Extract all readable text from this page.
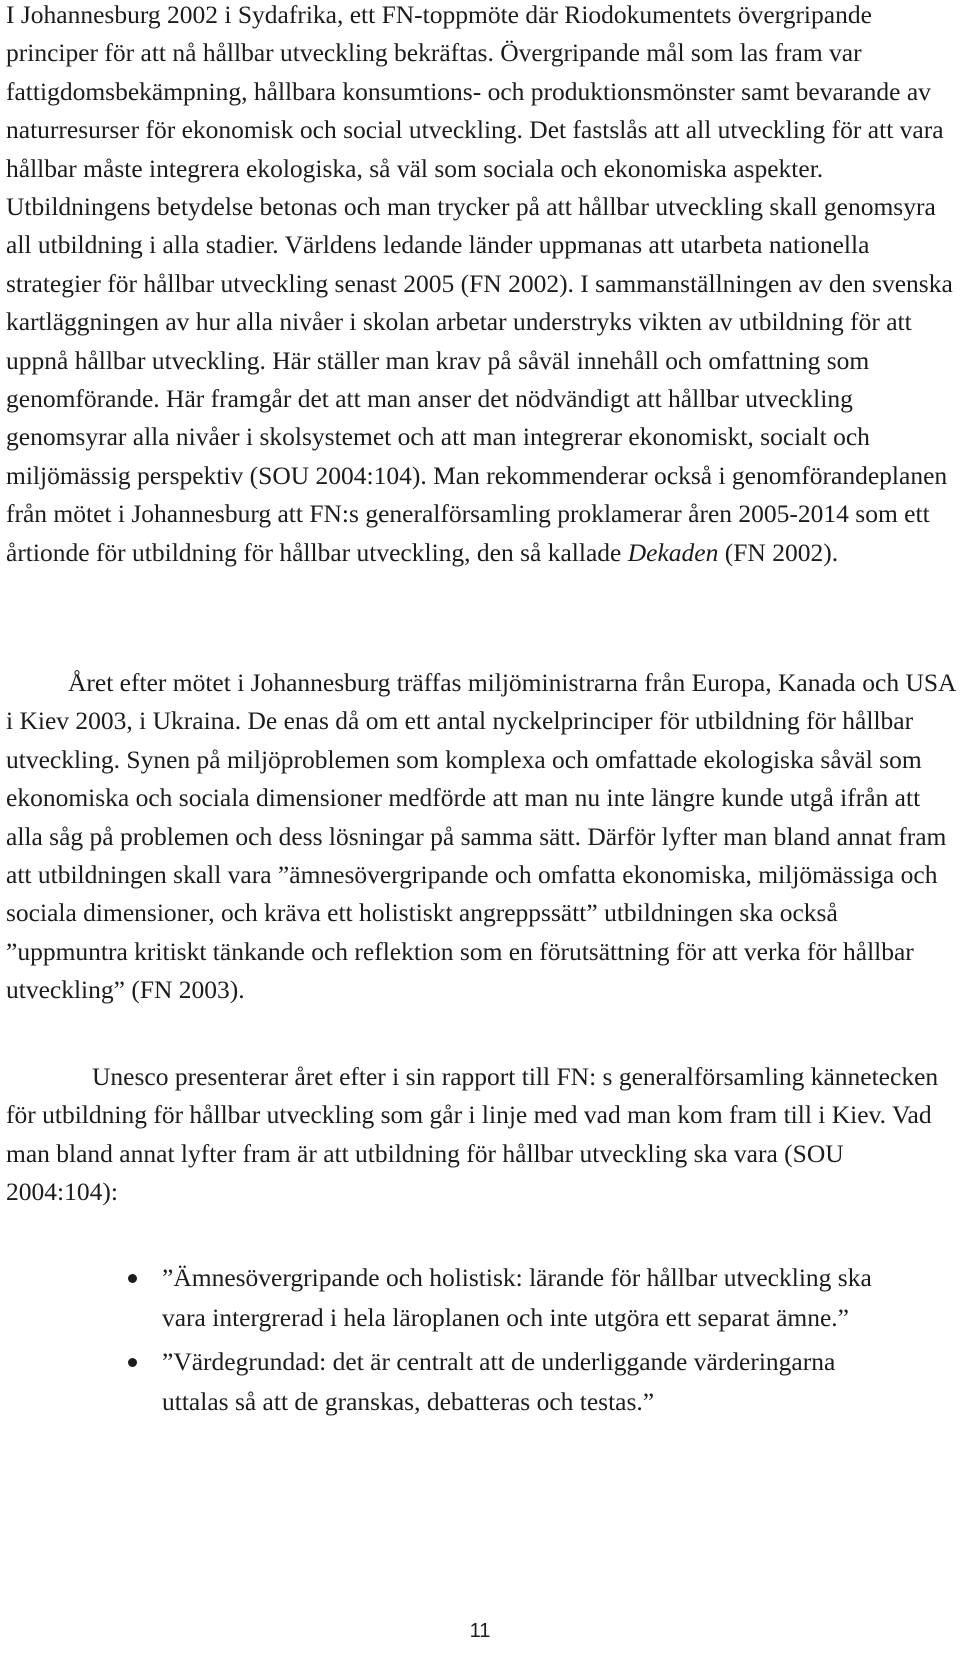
I Johannesburg 2002 i Sydafrika, ett FN-toppmöte där Riodokumentets övergripande principer för att nå hållbar utveckling bekräftas. Övergripande mål som las fram var fattigdomsbekämpning, hållbara konsumtions- och produktionsmönster samt bevarande av naturresurser för ekonomisk och social utveckling. Det fastslås att all utveckling för att vara hållbar måste integrera ekologiska, så väl som sociala och ekonomiska aspekter. Utbildningens betydelse betonas och man trycker på att hållbar utveckling skall genomsyra all utbildning i alla stadier. Världens ledande länder uppmanas att utarbeta nationella strategier för hållbar utveckling senast 2005 (FN 2002). I sammanställningen av den svenska kartläggningen av hur alla nivåer i skolan arbetar understryks vikten av utbildning för att uppnå hållbar utveckling. Här ställer man krav på såväl innehåll och omfattning som genomförande. Här framgår det att man anser det nödvändigt att hållbar utveckling genomsyrar alla nivåer i skolsystemet och att man integrerar ekonomiskt, socialt och miljömässig perspektiv (SOU 2004:104). Man rekommenderar också i genomförandeplanen från mötet i Johannesburg att FN:s generalförsamling proklamerar åren 2005-2014 som ett årtionde för utbildning för hållbar utveckling, den så kallade Dekaden (FN 2002).

Året efter mötet i Johannesburg träffas miljöministrarna från Europa, Kanada och USA i Kiev 2003, i Ukraina. De enas då om ett antal nyckelprinciper för utbildning för hållbar utveckling. Synen på miljöproblemen som komplexa och omfattade ekologiska såväl som ekonomiska och sociala dimensioner medförde att man nu inte längre kunde utgå ifrån att alla såg på problemen och dess lösningar på samma sätt. Därför lyfter man bland annat fram att utbildningen skall vara ”ämnesövergripande och omfatta ekonomiska, miljömässiga och sociala dimensioner, och kräva ett holistiskt angreppssätt” utbildningen ska också ”uppmuntra kritiskt tänkande och reflektion som en förutsättning för att verka för hållbar utveckling” (FN 2003).

Unesco presenterar året efter i sin rapport till FN: s generalförsamling kännetecken för utbildning för hållbar utveckling som går i linje med vad man kom fram till i Kiev. Vad man bland annat lyfter fram är att utbildning för hållbar utveckling ska vara (SOU 2004:104):

”Ämnesövergripande och holistisk: lärande för hållbar utveckling ska vara intergrerad i hela läroplanen och inte utgöra ett separat ämne.”
”Värdegrundad: det är centralt att de underliggande värderingarna uttalas så att de granskas, debatteras och testas.”
11
